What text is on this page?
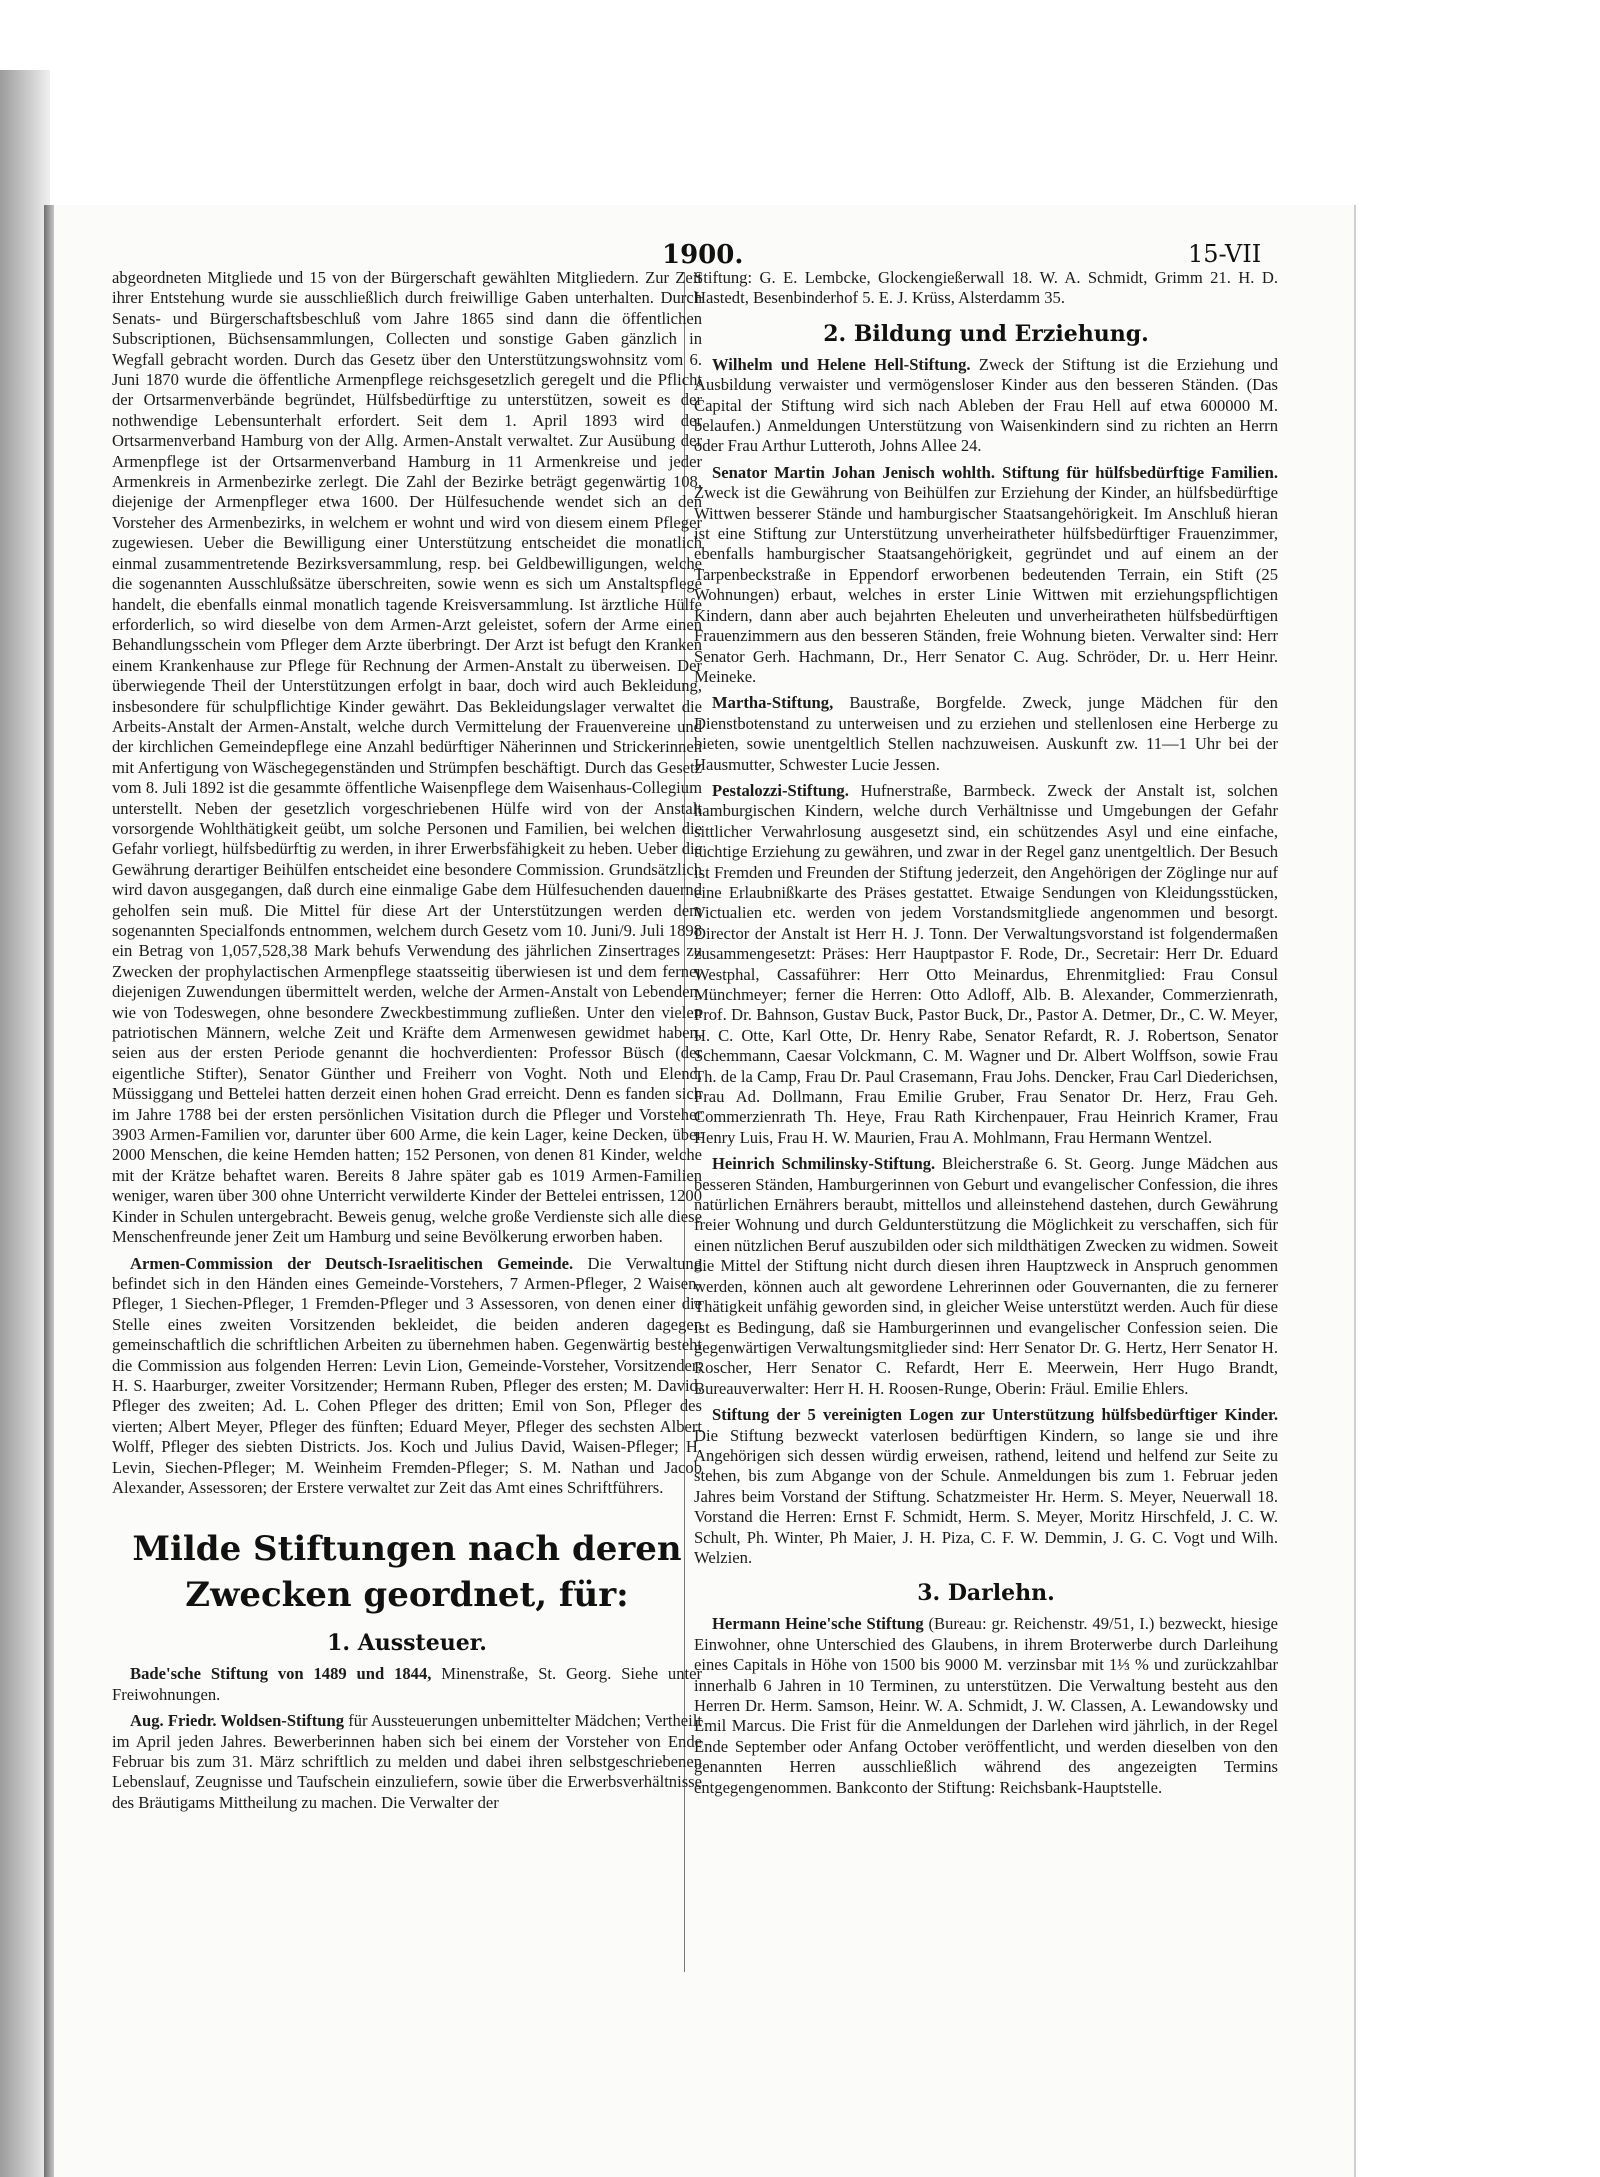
1900.	15-VII

abgeordneten Mitgliede und 15 von der Bürgerschaft gewählten Mitgliedern. Zur Zeit ihrer Entstehung wurde sie ausschließlich durch freiwillige Gaben unterhalten. Durch Senats- und Bürgerschaftsbeschluß vom Jahre 1865 sind dann die öffentlichen Subscriptionen, Büchsensammlungen, Collecten und sonstige Gaben gänzlich in Wegfall gebracht worden. Durch das Gesetz über den Unterstützungswohnsitz vom 6. Juni 1870 wurde die öffentliche Armenpflege reichsgesetzlich geregelt und die Pflicht der Ortsarmenverbände begründet, Hülfsbedürftige zu unterstützen, soweit es der nothwendige Lebensunterhalt erfordert. Seit dem 1. April 1893 wird der Ortsarmenverband Hamburg von der Allg. Armen-Anstalt verwaltet. Zur Ausübung der Armenpflege ist der Ortsarmenverband Hamburg in 11 Armenkreise und jeder Armenkreis in Armenbezirke zerlegt. Die Zahl der Bezirke beträgt gegenwärtig 108, diejenige der Armenpfleger etwa 1600. Der Hülfesuchende wendet sich an den Vorsteher des Armenbezirks, in welchem er wohnt und wird von diesem einem Pfleger zugewiesen. Ueber die Bewilligung einer Unterstützung entscheidet die monatlich einmal zusammentretende Bezirksversammlung, resp. bei Geldbewilligungen, welche die sogenannten Ausschlußsätze überschreiten, sowie wenn es sich um Anstaltspflege handelt, die ebenfalls einmal monatlich tagende Kreisversammlung. Ist ärztliche Hülfe erforderlich, so wird dieselbe von dem Armen-Arzt geleistet, sofern der Arme einen Behandlungsschein vom Pfleger dem Arzte überbringt. Der Arzt ist befugt den Kranken einem Krankenhause zur Pflege für Rechnung der Armen-Anstalt zu überweisen. Der überwiegende Theil der Unterstützungen erfolgt in baar, doch wird auch Bekleidung, insbesondere für schulpflichtige Kinder gewährt. Das Bekleidungslager verwaltet die Arbeits-Anstalt der Armen-Anstalt, welche durch Vermittelung der Frauenvereine und der kirchlichen Gemeindepflege eine Anzahl bedürftiger Näherinnen und Strickerinnen mit Anfertigung von Wäschegegenständen und Strümpfen beschäftigt. Durch das Gesetz vom 8. Juli 1892 ist die gesammte öffentliche Waisenpflege dem Waisenhaus-Collegium unterstellt. Neben der gesetzlich vorgeschriebenen Hülfe wird von der Anstalt vorsorgende Wohlthätigkeit geübt, um solche Personen und Familien, bei welchen die Gefahr vorliegt, hülfsbedürftig zu werden, in ihrer Erwerbsfähigkeit zu heben. Ueber die Gewährung derartiger Beihülfen entscheidet eine besondere Commission. Grundsätzlich wird davon ausgegangen, daß durch eine einmalige Gabe dem Hülfesuchenden dauernd geholfen sein muß. Die Mittel für diese Art der Unterstützungen werden dem sogenannten Specialfonds entnommen, welchem durch Gesetz vom 10. Juni/9. Juli 1898 ein Betrag von 1,057,528,38 Mark behufs Verwendung des jährlichen Zinsertrages zu Zwecken der prophylactischen Armenpflege staatsseitig überwiesen ist und dem ferner diejenigen Zuwendungen übermittelt werden, welche der Armen-Anstalt von Lebenden, wie von Todeswegen, ohne besondere Zweckbestimmung zufließen. Unter den vielen patriotischen Männern, welche Zeit und Kräfte dem Armenwesen gewidmet haben, seien aus der ersten Periode genannt die hochverdienten: Professor Büsch (der eigentliche Stifter), Senator Günther und Freiherr von Voght. Noth und Elend, Müssiggang und Bettelei hatten derzeit einen hohen Grad erreicht. Denn es fanden sich im Jahre 1788 bei der ersten persönlichen Visitation durch die Pfleger und Vorsteher 3903 Armen-Familien vor, darunter über 600 Arme, die kein Lager, keine Decken, über 2000 Menschen, die keine Hemden hatten; 152 Personen, von denen 81 Kinder, welche mit der Krätze behaftet waren. Bereits 8 Jahre später gab es 1019 Armen-Familien weniger, waren über 300 ohne Unterricht verwilderte Kinder der Bettelei entrissen, 1200 Kinder in Schulen untergebracht. Beweis genug, welche große Verdienste sich alle diese Menschenfreunde jener Zeit um Hamburg und seine Bevölkerung erworben haben.

Armen-Commission der Deutsch-Israelitischen Gemeinde. Die Verwaltung befindet sich in den Händen eines Gemeinde-Vorstehers, 7 Armen-Pfleger, 2 Waisen-Pfleger, 1 Siechen-Pfleger, 1 Fremden-Pfleger und 3 Assessoren, von denen einer die Stelle eines zweiten Vorsitzenden bekleidet, die beiden anderen dagegen gemeinschaftlich die schriftlichen Arbeiten zu übernehmen haben. Gegenwärtig besteht die Commission aus folgenden Herren: Levin Lion, Gemeinde-Vorsteher, Vorsitzender; H. S. Haarburger, zweiter Vorsitzender; Hermann Ruben, Pfleger des ersten; M. David, Pfleger des zweiten; Ad. L. Cohen Pfleger des dritten; Emil von Son, Pfleger des vierten; Albert Meyer, Pfleger des fünften; Eduard Meyer, Pfleger des sechsten Albert Wolff, Pfleger des siebten Districts. Jos. Koch und Julius David, Waisen-Pfleger; H. Levin, Siechen-Pfleger; M. Weinheim Fremden-Pfleger; S. M. Nathan und Jacob Alexander, Assessoren; der Erstere verwaltet zur Zeit das Amt eines Schriftführers.

Milde Stiftungen nach deren Zwecken geordnet, für:
1. Aussteuer.

Bade'sche Stiftung von 1489 und 1844, Minenstraße, St. Georg. Siehe unter Freiwohnungen.

Aug. Friedr. Woldsen-Stiftung für Aussteuerungen unbemittelter Mädchen; Vertheilt im April jeden Jahres. Bewerberinnen haben sich bei einem der Vorsteher von Ende Februar bis zum 31. März schriftlich zu melden und dabei ihren selbstgeschriebenen Lebenslauf, Zeugnisse und Taufschein einzuliefern, sowie über die Erwerbsverhältnisse des Bräutigams Mittheilung zu machen. Die Verwalter der

Stiftung: G. E. Lembcke, Glockengießerwall 18. W. A. Schmidt, Grimm 21. H. D. Hastedt, Besenbinderhof 5. E. J. Krüss, Alsterdamm 35.

2. Bildung und Erziehung.

Wilhelm und Helene Hell-Stiftung. Zweck der Stiftung ist die Erziehung und Ausbildung verwaister und vermögensloser Kinder aus den besseren Ständen. (Das Capital der Stiftung wird sich nach Ableben der Frau Hell auf etwa 600000 M. belaufen.) Anmeldungen Unterstützung von Waisenkindern sind zu richten an Herrn oder Frau Arthur Lutteroth, Johns Allee 24.

Senator Martin Johan Jenisch wohlth. Stiftung für hülfsbedürftige Familien. Zweck ist die Gewährung von Beihülfen zur Erziehung der Kinder, an hülfsbedürftige Wittwen besserer Stände und hamburgischer Staatsangehörigkeit. Im Anschluß hieran ist eine Stiftung zur Unterstützung unverheiratheter hülfsbedürftiger Frauenzimmer, ebenfalls hamburgischer Staatsangehörigkeit, gegründet und auf einem an der Tarpenbeckstraße in Eppendorf erworbenen bedeutenden Terrain, ein Stift (25 Wohnungen) erbaut, welches in erster Linie Wittwen mit erziehungspflichtigen Kindern, dann aber auch bejahrten Eheleuten und unverheiratheten hülfsbedürftigen Frauenzimmern aus den besseren Ständen, freie Wohnung bieten. Verwalter sind: Herr Senator Gerh. Hachmann, Dr., Herr Senator C. Aug. Schröder, Dr. u. Herr Heinr. Meineke.

Martha-Stiftung, Baustraße, Borgfelde. Zweck, junge Mädchen für den Dienstbotenstand zu unterweisen und zu erziehen und stellenlosen eine Herberge zu bieten, sowie unentgeltlich Stellen nachzuweisen. Auskunft zw. 11—1 Uhr bei der Hausmutter, Schwester Lucie Jessen.

Pestalozzi-Stiftung. Hufnerstraße, Barmbeck. Zweck der Anstalt ist, solchen hamburgischen Kindern, welche durch Verhältnisse und Umgebungen der Gefahr sittlicher Verwahrlosung ausgesetzt sind, ein schützendes Asyl und eine einfache, tüchtige Erziehung zu gewähren, und zwar in der Regel ganz unentgeltlich. Der Besuch ist Fremden und Freunden der Stiftung jederzeit, den Angehörigen der Zöglinge nur auf eine Erlaubnißkarte des Präses gestattet. Etwaige Sendungen von Kleidungsstücken, Victualien etc. werden von jedem Vorstandsmitgliede angenommen und besorgt. Director der Anstalt ist Herr H. J. Tonn. Der Verwaltungsvorstand ist folgendermaßen zusammengesetzt: Präses: Herr Hauptpastor F. Rode, Dr., Secretair: Herr Dr. Eduard Westphal, Cassaführer: Herr Otto Meinardus, Ehrenmitglied: Frau Consul Münchmeyer; ferner die Herren: Otto Adloff, Alb. B. Alexander, Commerzienrath, Prof. Dr. Bahnson, Gustav Buck, Pastor Buck, Dr., Pastor A. Detmer, Dr., C. W. Meyer, H. C. Otte, Karl Otte, Dr. Henry Rabe, Senator Refardt, R. J. Robertson, Senator Schemmann, Caesar Volckmann, C. M. Wagner und Dr. Albert Wolffson, sowie Frau Th. de la Camp, Frau Dr. Paul Crasemann, Frau Johs. Dencker, Frau Carl Diederichsen, Frau Ad. Dollmann, Frau Emilie Gruber, Frau Senator Dr. Herz, Frau Geh. Commerzienrath Th. Heye, Frau Rath Kirchenpauer, Frau Heinrich Kramer, Frau Henry Luis, Frau H. W. Maurien, Frau A. Mohlmann, Frau Hermann Wentzel.

Heinrich Schmilinsky-Stiftung. Bleicherstraße 6. St. Georg. Junge Mädchen aus besseren Ständen, Hamburgerinnen von Geburt und evangelischer Confession, die ihres natürlichen Ernährers beraubt, mittellos und alleinstehend dastehen, durch Gewährung freier Wohnung und durch Geldunterstützung die Möglichkeit zu verschaffen, sich für einen nützlichen Beruf auszubilden oder sich mildthätigen Zwecken zu widmen. Soweit die Mittel der Stiftung nicht durch diesen ihren Hauptzweck in Anspruch genommen werden, können auch alt gewordene Lehrerinnen oder Gouvernanten, die zu fernerer Thätigkeit unfähig geworden sind, in gleicher Weise unterstützt werden. Auch für diese ist es Bedingung, daß sie Hamburgerinnen und evangelischer Confession seien. Die gegenwärtigen Verwaltungsmitglieder sind: Herr Senator Dr. G. Hertz, Herr Senator H. Roscher, Herr Senator C. Refardt, Herr E. Meerwein, Herr Hugo Brandt, Bureauverwalter: Herr H. H. Roosen-Runge, Oberin: Fräul. Emilie Ehlers.

Stiftung der 5 vereinigten Logen zur Unterstützung hülfsbedürftiger Kinder. Die Stiftung bezweckt vaterlosen bedürftigen Kindern, so lange sie und ihre Angehörigen sich dessen würdig erweisen, rathend, leitend und helfend zur Seite zu stehen, bis zum Abgange von der Schule. Anmeldungen bis zum 1. Februar jeden Jahres beim Vorstand der Stiftung. Schatzmeister Hr. Herm. S. Meyer, Neuerwall 18. Vorstand die Herren: Ernst F. Schmidt, Herm. S. Meyer, Moritz Hirschfeld, J. C. W. Schult, Ph. Winter, Ph Maier, J. H. Piza, C. F. W. Demmin, J. G. C. Vogt und Wilh. Welzien.

3. Darlehn.

Hermann Heine'sche Stiftung (Bureau: gr. Reichenstr. 49/51, I.) bezweckt, hiesige Einwohner, ohne Unterschied des Glaubens, in ihrem Broterwerbe durch Darleihung eines Capitals in Höhe von 1500 bis 9000 M. verzinsbar mit 1⅓ % und zurückzahlbar innerhalb 6 Jahren in 10 Terminen, zu unterstützen. Die Verwaltung besteht aus den Herren Dr. Herm. Samson, Heinr. W. A. Schmidt, J. W. Classen, A. Lewandowsky und Emil Marcus. Die Frist für die Anmeldungen der Darlehen wird jährlich, in der Regel Ende September oder Anfang October veröffentlicht, und werden dieselben von den genannten Herren ausschließlich während des angezeigten Termins entgegengenommen. Bankconto der Stiftung: Reichsbank-Hauptstelle.
